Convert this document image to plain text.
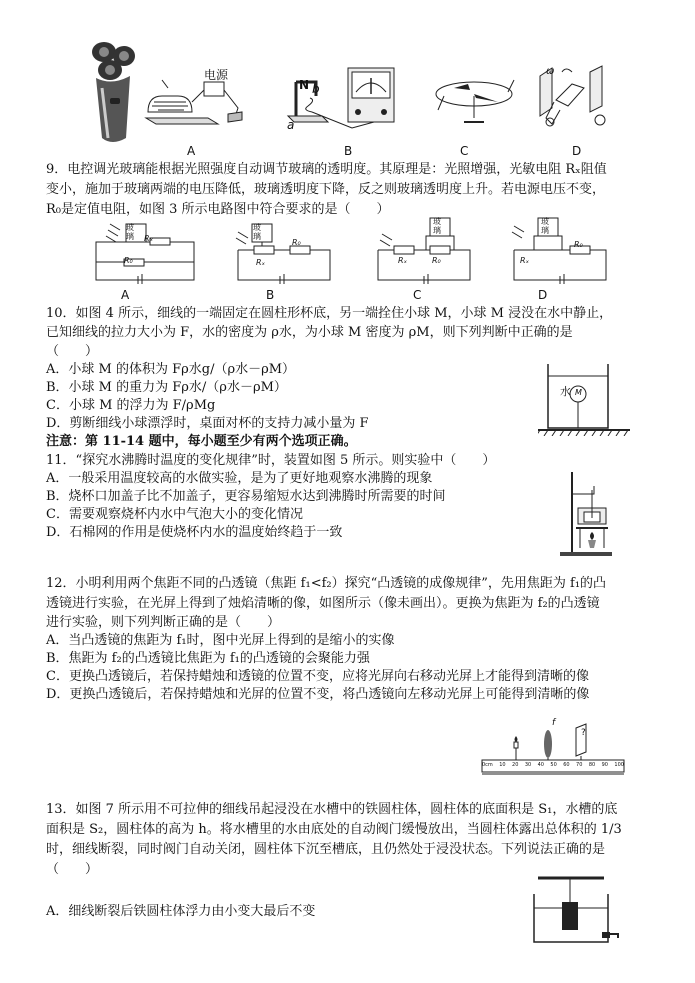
电源
N b
a
ω
A	B	C	D
9．电控调光玻璃能根据光照强度自动调节玻璃的透明度。其原理是：光照增强，光敏电阻 Rₓ阻值
变小，施加于玻璃两端的电压降低，玻璃透明度下降，反之则玻璃透明度上升。若电源电压不变，
R₀是定值电阻，如图 3 所示电路图中符合要求的是（　　）
玻璃	Rₓ
R₀
玻璃
R₀
Rₓ
玻璃
Rₓ	R₀
玻璃
R₀
Rₓ
A	B	C	D
10．如图 4 所示，细线的一端固定在圆柱形杯底，另一端拴住小球 M，小球 M 浸没在水中静止，
已知细线的拉力大小为 F，水的密度为 ρ水，为小球 M 密度为 ρM，则下列判断中正确的是
（　　）
A．小球 M 的体积为 Fρ水g/（ρ水－ρM）
B．小球 M 的重力为 Fρ水/（ρ水－ρM）
C．小球 M 的浮力为 F/ρMg
D．剪断细线小球漂浮时，桌面对杯的支持力减小量为 F
水 M
注意：第 11-14 题中，每小题至少有两个选项正确。
11．“探究水沸腾时温度的变化规律”时，装置如图 5 所示。则实验中（　　）
A．一般采用温度较高的水做实验，是为了更好地观察水沸腾的现象
B．烧杯口加盖子比不加盖子，更容易缩短水达到沸腾时所需要的时间
C．需要观察烧杯内水中气泡大小的变化情况
D．石棉网的作用是使烧杯内水的温度始终趋于一致
12．小明利用两个焦距不同的凸透镜（焦距 f₁<f₂）探究“凸透镜的成像规律”，先用焦距为 f₁的凸
透镜进行实验，在光屏上得到了烛焰清晰的像，如图所示（像未画出）。更换为焦距为 f₂的凸透镜
进行实验，则下列判断正确的是（　　）
A．当凸透镜的焦距为 f₁时，图中光屏上得到的是缩小的实像
B．焦距为 f₂的凸透镜比焦距为 f₁的凸透镜的会聚能力强
C．更换凸透镜后，若保持蜡烛和透镜的位置不变，应将光屏向右移动光屏上才能得到清晰的像
D．更换凸透镜后，若保持蜡烛和光屏的位置不变，将凸透镜向左移动光屏上可能得到清晰的像
f
?
0cm 10 20 30 40 50 60 70 80 90 100
13．如图 7 所示用不可拉伸的细线吊起浸没在水槽中的铁圆柱体，圆柱体的底面积是 S₁，水槽的底
面积是 S₂，圆柱体的高为 h。将水槽里的水由底处的自动阀门缓慢放出，当圆柱体露出总体积的 1/3
时，细线断裂，同时阀门自动关闭，圆柱体下沉至槽底，且仍然处于浸没状态。下列说法正确的是
（　　）
A．细线断裂后铁圆柱体浮力由小变大最后不变
